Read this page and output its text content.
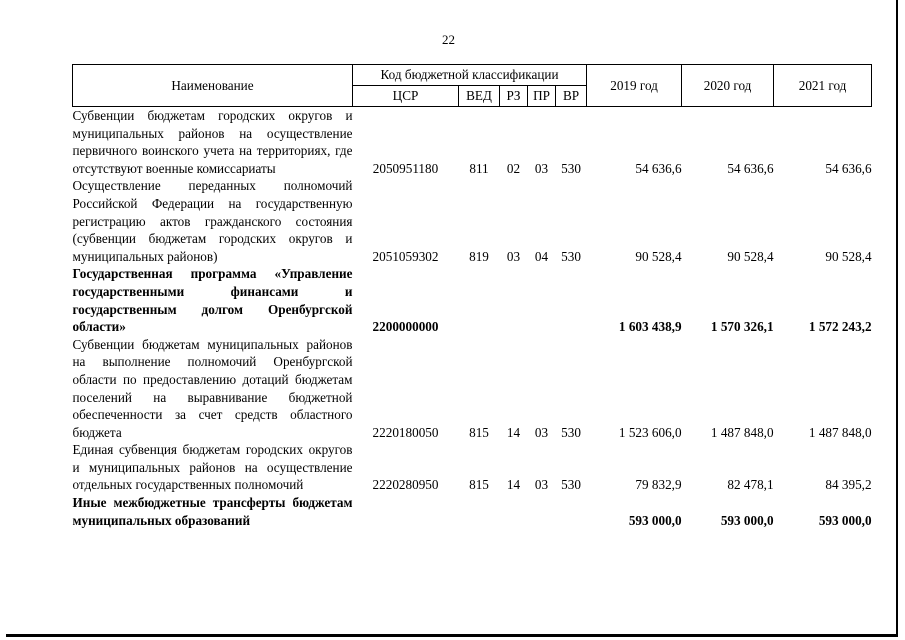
22
Наименование	Код бюджетной классификации					2019 год	2020 год	2021 год
	ЦСР	ВЕД	РЗ	ПР	ВР			
Субвенции бюджетам городских округов и муниципальных районов на осуществление первичного воинского учета на территориях, где отсутствуют военные комиссариаты	2050951180	811	02	03	530	54 636,6	54 636,6	54 636,6
Осуществление переданных полномочий Российской Федерации на государственную регистрацию актов гражданского состояния (субвенции бюджетам городских округов и муниципальных районов)	2051059302	819	03	04	530	90 528,4	90 528,4	90 528,4
Государственная программа «Управление государственными финансами и государственным долгом Оренбургской области»	2200000000					1 603 438,9	1 570 326,1	1 572 243,2
Субвенции бюджетам муниципальных районов на выполнение полномочий Оренбургской области по предоставлению дотаций бюджетам поселений на выравнивание бюджетной обеспеченности за счет средств областного бюджета	2220180050	815	14	03	530	1 523 606,0	1 487 848,0	1 487 848,0
Единая субвенция бюджетам городских округов и муниципальных районов на осуществление отдельных государственных полномочий	2220280950	815	14	03	530	79 832,9	82 478,1	84 395,2
Иные межбюджетные трансферты бюджетам муниципальных образований						593 000,0	593 000,0	593 000,0
